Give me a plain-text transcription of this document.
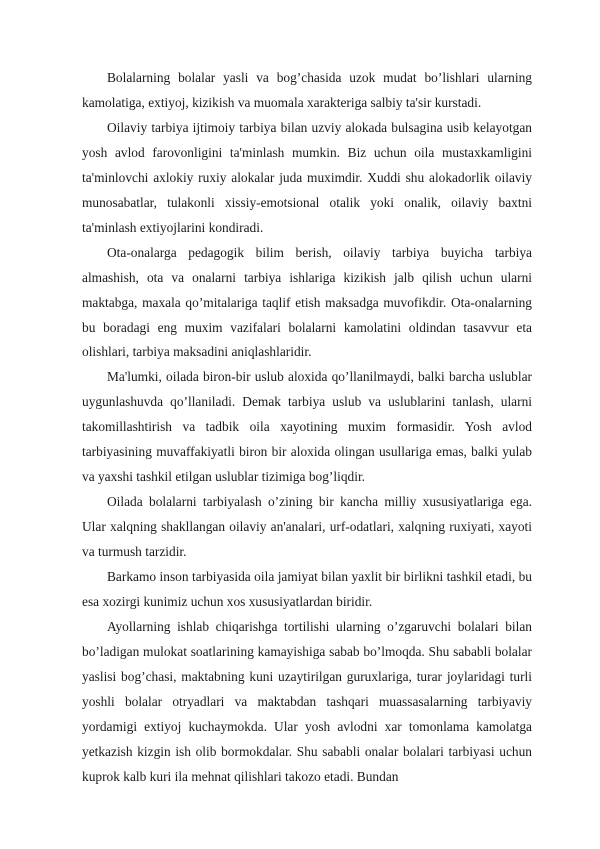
Bolalarning bolalar yasli va bog’chasida uzok mudat bo’lishlari ularning kamolatiga, extiyoj, kizikish va muomala xarakteriga salbiy ta'sir kurstadi.

Oilaviy tarbiya ijtimoiy tarbiya bilan uzviy alokada bulsagina usib kelayotgan yosh avlod farovonligini ta'minlash mumkin. Biz uchun oila mustaxkamligini ta'minlovchi axlokiy ruxiy alokalar juda muximdir. Xuddi shu alokadorlik oilaviy munosabatlar, tulakonli xissiy-emotsional otalik yoki onalik, oilaviy baxtni ta'minlash extiyojlarini kondiradi.

Ota-onalarga pedagogik bilim berish, oilaviy tarbiya buyicha tarbiya almashish, ota va onalarni tarbiya ishlariga kizikish jalb qilish uchun ularni maktabga, maxala qo’mitalariga taqlif etish maksadga muvofikdir. Ota-onalarning bu boradagi eng muxim vazifalari bolalarni kamolatini oldindan tasavvur eta olishlari, tarbiya maksadini aniqlashlaridir.

Ma'lumki, oilada biron-bir uslub aloxida qo’llanilmaydi, balki barcha uslublar uygunlashuvda qo’llaniladi. Demak tarbiya uslub va uslublarini tanlash, ularni takomillashtirish va tadbik oila xayotining muxim formasidir. Yosh avlod tarbiyasining muvaffakiyatli biron bir aloxida olingan usullariga emas, balki yulab va yaxshi tashkil etilgan uslublar tizimiga bog’liqdir.

Oilada bolalarni tarbiyalash o’zining bir kancha milliy xususiyatlariga ega. Ular xalqning shakllangan oilaviy an'analari, urf-odatlari, xalqning ruxiyati, xayoti va turmush tarzidir.

Barkamo inson tarbiyasida oila jamiyat bilan yaxlit bir birlikni tashkil etadi, bu esa xozirgi kunimiz uchun xos xususiyatlardan biridir.

Ayollarning ishlab chiqarishga tortilishi ularning o’zgaruvchi bolalari bilan bo’ladigan mulokat soatlarining kamayishiga sabab bo’lmoqda. Shu sababli bolalar yaslisi bog’chasi, maktabning kuni uzaytirilgan guruxlariga, turar joylaridagi turli yoshli bolalar otryadlari va maktabdan tashqari muassasalarning tarbiyaviy yordamigi extiyoj kuchaymokda. Ular yosh avlodni xar tomonlama kamolatga yetkazish kizgin ish olib bormokdalar. Shu sababli onalar bolalari tarbiyasi uchun kuprok kalb kuri ila mehnat qilishlari takozo etadi. Bundan
